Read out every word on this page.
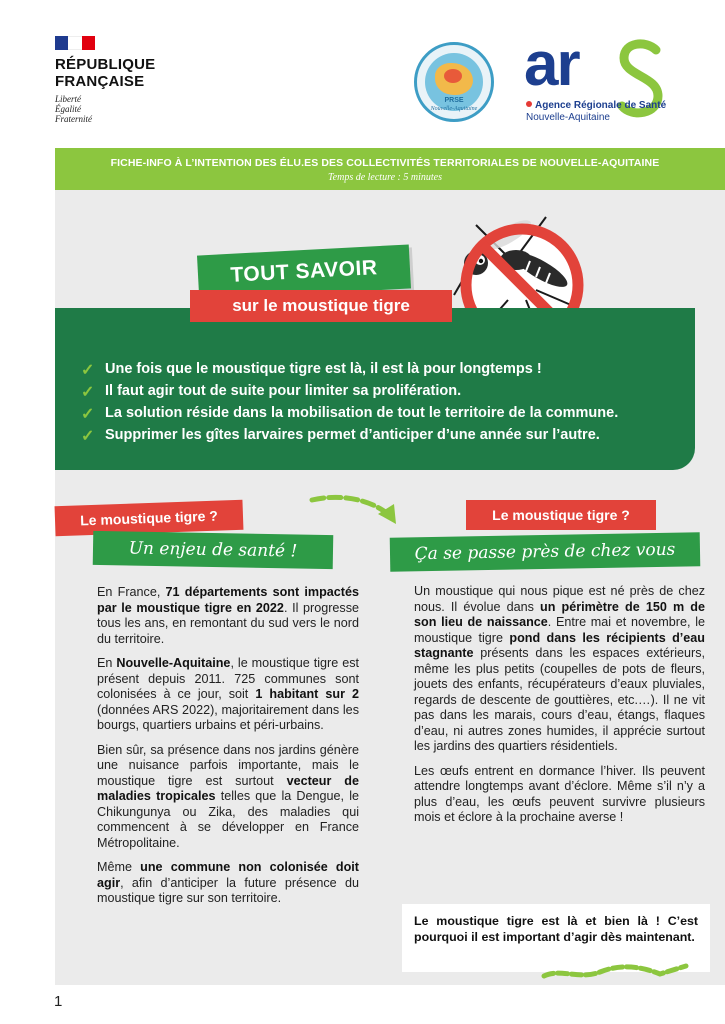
RÉPUBLIQUE
FRANÇAISE
Liberté
Égalité
Fraternité
PRSE
Nouvelle-Aquitaine
ar
Agence Régionale de Santé
Nouvelle-Aquitaine
FICHE-INFO À L’INTENTION DES ÉLU.ES DES COLLECTIVITÉS TERRITORIALES DE NOUVELLE-AQUITAINE
Temps de lecture : 5 minutes
✓ Une fois que le moustique tigre est là, il est là pour longtemps !
✓ Il faut agir tout de suite pour limiter sa prolifération.
✓ La solution réside dans la mobilisation de tout le territoire de la commune.
✓ Supprimer les gîtes larvaires permet d’anticiper d’une année sur l’autre.
TOUT SAVOIR
sur le moustique tigre
Le moustique tigre ?
Un enjeu de santé !
Le moustique tigre ?
Ça se passe près de chez vous

En France, 71 départements sont impactés par le moustique tigre en 2022. Il progresse tous les ans, en remontant du sud vers le nord du territoire.

En Nouvelle-Aquitaine, le moustique tigre est présent depuis 2011. 725 communes sont colonisées à ce jour, soit 1 habitant sur 2 (données ARS 2022), majoritairement dans les bourgs, quartiers urbains et péri-urbains.

Bien sûr, sa présence dans nos jardins génère une nuisance parfois importante, mais le moustique tigre est surtout vecteur de maladies tropicales telles que la Dengue, le Chikungunya ou Zika, des maladies qui commencent à se développer en France Métropolitaine.

Même une commune non colonisée doit agir, afin d’anticiper la future présence du moustique tigre sur son territoire.

Un moustique qui nous pique est né près de chez nous. Il évolue dans un périmètre de 150 m de son lieu de naissance. Entre mai et novembre, le moustique tigre pond dans les récipients d’eau stagnante présents dans les espaces extérieurs, même les plus petits (coupelles de pots de fleurs, jouets des enfants, récupérateurs d’eaux pluviales, regards de descente de gouttières, etc.…). Il ne vit pas dans les marais, cours d’eau, étangs, flaques d’eau, ni autres zones humides, il apprécie surtout les jardins des quartiers résidentiels.

Les œufs entrent en dormance l’hiver. Ils peuvent attendre longtemps avant d’éclore. Même s’il n’y a plus d’eau, les œufs peuvent survivre plusieurs mois et éclore à la prochaine averse !

Le moustique tigre est là et bien là ! C’est pourquoi il est important d’agir dès maintenant.
1
